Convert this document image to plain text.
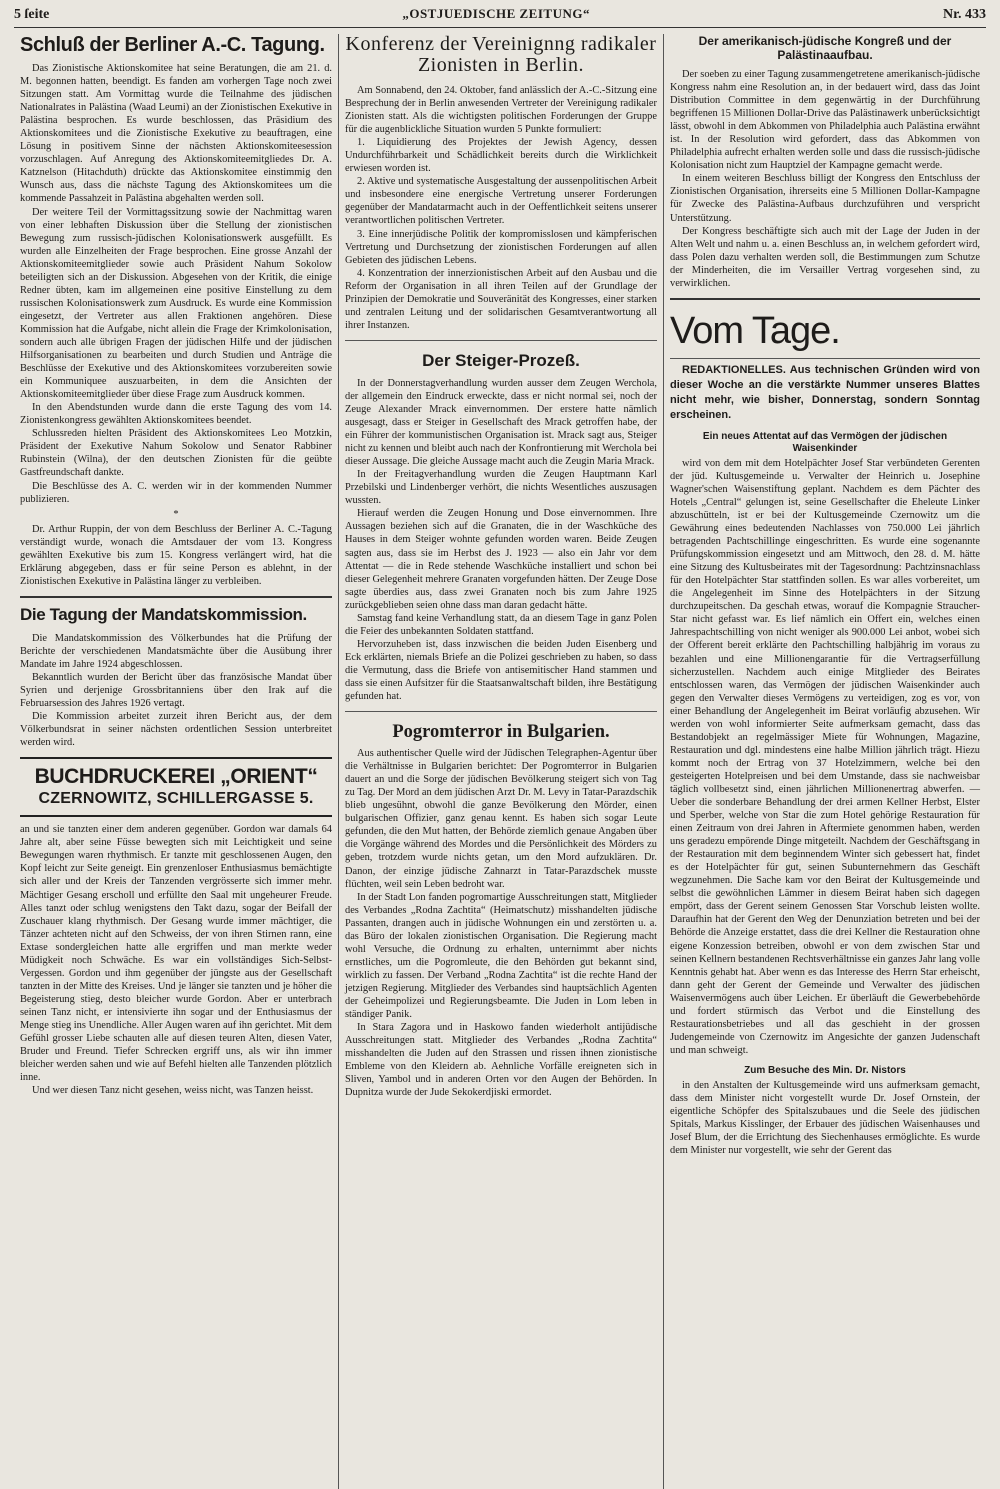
5 ſeite	„OSTJUEDISCHE ZEITUNG“	Nr. 433
Schluß der Berliner A.-C. Tagung.

Das Zionistische Aktionskomitee hat seine Beratungen, die am 21. d. M. begonnen hatten, beendigt. Es fanden am vorhergen Tage noch zwei Sitzungen statt. Am Vormittag wurde die Teilnahme des jüdischen Nationalrates in Palästina (Waad Leumi) an der Zionistischen Exekutive in Palästina besprochen. Es wurde beschlossen, das Präsidium des Aktionskomitees und die Zionistische Exekutive zu beauftragen, eine Lösung in positivem Sinne der nächsten Aktionskomiteesession vorzuschlagen. Auf Anregung des Aktionskomiteemitgliedes Dr. A. Katznelson (Hitachduth) drückte das Aktionskomitee einstimmig den Wunsch aus, dass die nächste Tagung des Aktionskomitees um die kommende Passahzeit in Palästina abgehalten werden soll.

Der weitere Teil der Vormittagssitzung sowie der Nachmittag waren von einer lebhaften Diskussion über die Stellung der zionistischen Bewegung zum russisch-jüdischen Kolonisationswerk ausgefüllt. Es wurden alle Einzelheiten der Frage besprochen. Eine grosse Anzahl der Aktionskomiteemitglieder sowie auch Präsident Nahum Sokolow beteiligten sich an der Diskussion. Abgesehen von der Kritik, die einige Redner übten, kam im allgemeinen eine positive Einstellung zu dem russischen Kolonisationswerk zum Ausdruck. Es wurde eine Kommission eingesetzt, der Vertreter aus allen Fraktionen angehören. Diese Kommission hat die Aufgabe, nicht allein die Frage der Krimkolonisation, sondern auch alle übrigen Fragen der jüdischen Hilfe und der jüdischen Hilfsorganisationen zu bearbeiten und durch Studien und Anträge die Beschlüsse der Exekutive und des Aktionskomitees vorzubereiten sowie ein Kommuniquee auszuarbeiten, in dem die Ansichten der Aktionskomiteemitglieder über diese Frage zum Ausdruck kommen.

In den Abendstunden wurde dann die erste Tagung des vom 14. Zionistenkongress gewählten Aktionskomitees beendet.

Schlussreden hielten Präsident des Aktionskomitees Leo Motzkin, Präsident der Exekutive Nahum Sokolow und Senator Rabbiner Rubinstein (Wilna), der den deutschen Zionisten für die geübte Gastfreundschaft dankte.

Die Beschlüsse des A. C. werden wir in der kommenden Nummer publizieren.

*

Dr. Arthur Ruppin, der von dem Beschluss der Berliner A. C.-Tagung verständigt wurde, wonach die Amtsdauer der vom 13. Kongress gewählten Exekutive bis zum 15. Kongress verlängert wird, hat die Erklärung abgegeben, dass er für seine Person es ablehnt, in der Zionistischen Exekutive in Palästina länger zu verbleiben.

Die Tagung der Mandatskommission.

Die Mandatskommission des Völkerbundes hat die Prüfung der Berichte der verschiedenen Mandatsmächte über die Ausübung ihrer Mandate im Jahre 1924 abgeschlossen.

Bekanntlich wurden der Bericht über das französische Mandat über Syrien und derjenige Grossbritanniens über den Irak auf die Februarsession des Jahres 1926 vertagt.

Die Kommission arbeitet zurzeit ihren Bericht aus, der dem Völkerbundsrat in seiner nächsten ordentlichen Session unterbreitet werden wird.

BUCHDRUCKEREI „ORIENT“
CZERNOWITZ, SCHILLERGASSE 5.

an und sie tanzten einer dem anderen gegenüber. Gordon war damals 64 Jahre alt, aber seine Füsse bewegten sich mit Leichtigkeit und seine Bewegungen waren rhythmisch. Er tanzte mit geschlossenen Augen, den Kopf leicht zur Seite geneigt. Ein grenzenloser Enthusiasmus bemächtigte sich aller und der Kreis der Tanzenden vergrösserte sich immer mehr. Mächtiger Gesang erscholl und erfüllte den Saal mit ungeheurer Freude. Alles tanzt oder schlug wenigstens den Takt dazu, sogar der Beifall der Zuschauer klang rhythmisch. Der Gesang wurde immer mächtiger, die Tänzer achteten nicht auf den Schweiss, der von ihren Stirnen rann, eine Extase sondergleichen hatte alle ergriffen und man merkte weder Müdigkeit noch Schwäche. Es war ein vollständiges Sich-Selbst-Vergessen. Gordon und ihm gegenüber der jüngste aus der Gesellschaft tanzten in der Mitte des Kreises. Und je länger sie tanzten und je höher die Begeisterung stieg, desto bleicher wurde Gordon. Aber er unterbrach seinen Tanz nicht, er intensivierte ihn sogar und der Enthusiasmus der Menge stieg ins Unendliche. Aller Augen waren auf ihn gerichtet. Mit dem Gefühl grosser Liebe schauten alle auf diesen teuren Alten, diesen Vater, Bruder und Freund. Tiefer Schrecken ergriff uns, als wir ihn immer bleicher werden sahen und wie auf Befehl hielten alle Tanzenden plötzlich inne.

Und wer diesen Tanz nicht gesehen, weiss nicht, was Tanzen heisst.

Konferenz der Vereinignng radikaler Zionisten in Berlin.

Am Sonnabend, den 24. Oktober, fand anlässlich der A.-C.-Sitzung eine Besprechung der in Berlin anwesenden Vertreter der Vereinigung radikaler Zionisten statt. Als die wichtigsten politischen Forderungen der Gruppe für die augenblickliche Situation wurden 5 Punkte formuliert:

1. Liquidierung des Projektes der Jewish Agency, dessen Undurchführbarkeit und Schädlichkeit bereits durch die Wirklichkeit erwiesen worden ist.

2. Aktive und systematische Ausgestaltung der aussenpolitischen Arbeit und insbesondere eine energische Vertretung unserer Forderungen gegenüber der Mandatarmacht auch in der Oeffentlichkeit seitens unserer verantwortlichen politischen Vertreter.

3. Eine innerjüdische Politik der kompromisslosen und kämpferischen Vertretung und Durchsetzung der zionistischen Forderungen auf allen Gebieten des jüdischen Lebens.

4. Konzentration der innerzionistischen Arbeit auf den Ausbau und die Reform der Organisation in all ihren Teilen auf der Grundlage der Prinzipien der Demokratie und Souveränität des Kongresses, einer starken und zentralen Leitung und der solidarischen Gesamtverantwortung all ihrer Instanzen.

Der Steiger-Prozeß.

In der Donnerstagverhandlung wurden ausser dem Zeugen Werchola, der allgemein den Eindruck erweckte, dass er nicht normal sei, noch der Zeuge Alexander Mrack einvernommen. Der erstere hatte nämlich ausgesagt, dass er Steiger in Gesellschaft des Mrack getroffen habe, der ein Führer der kommunistischen Organisation ist. Mrack sagt aus, Steiger nicht zu kennen und bleibt auch nach der Konfrontierung mit Werchola bei dieser Aussage. Die gleiche Aussage macht auch die Zeugin Maria Mrack.

In der Freitagverhandlung wurden die Zeugen Hauptmann Karl Przebilski und Lindenberger verhört, die nichts Wesentliches auszusagen wussten.

Hierauf werden die Zeugen Honung und Dose einvernommen. Ihre Aussagen beziehen sich auf die Granaten, die in der Waschküche des Hauses in dem Steiger wohnte gefunden worden waren. Beide Zeugen sagten aus, dass sie im Herbst des J. 1923 — also ein Jahr vor dem Attentat — die in Rede stehende Waschküche installiert und schon bei dieser Gelegenheit mehrere Granaten vorgefunden hätten. Der Zeuge Dose sagte überdies aus, dass zwei Granaten noch bis zum Jahre 1925 zurückgeblieben seien ohne dass man daran gedacht hätte.

Samstag fand keine Verhandlung statt, da an diesem Tage in ganz Polen die Feier des unbekannten Soldaten stattfand.

Hervorzuheben ist, dass inzwischen die beiden Juden Eisenberg und Eck erklärten, niemals Briefe an die Polizei geschrieben zu haben, so dass die Vermutung, dass die Briefe von antisemitischer Hand stammen und dass sie einen Aufsitzer für die Staatsanwaltschaft bilden, ihre Bestätigung gefunden hat.

Pogromterror in Bulgarien.

Aus authentischer Quelle wird der Jüdischen Telegraphen-Agentur über die Verhältnisse in Bulgarien berichtet: Der Pogromterror in Bulgarien dauert an und die Sorge der jüdischen Bevölkerung steigert sich von Tag zu Tag. Der Mord an dem jüdischen Arzt Dr. M. Levy in Tatar-Parazdschik blieb ungesühnt, obwohl die ganze Bevölkerung den Mörder, einen bulgarischen Offizier, ganz genau kennt. Es haben sich sogar Leute gefunden, die den Mut hatten, der Behörde ziemlich genaue Angaben über die Vorgänge während des Mordes und die Persönlichkeit des Mörders zu geben, trotzdem wurde nichts getan, um den Mord aufzuklären. Dr. Danon, der einzige jüdische Zahnarzt in Tatar-Parazdschek musste flüchten, weil sein Leben bedroht war.

In der Stadt Lon fanden pogromartige Ausschreitungen statt, Mitglieder des Verbandes „Rodna Zachtita“ (Heimatschutz) misshandelten jüdische Passanten, drangen auch in jüdische Wohnungen ein und zerstörten u. a. das Büro der lokalen zionistischen Organisation. Die Regierung macht wohl Versuche, die Ordnung zu erhalten, unternimmt aber nichts ernstliches, um die Pogromleute, die den Behörden gut bekannt sind, wirklich zu fassen. Der Verband „Rodna Zachtita“ ist die rechte Hand der jetzigen Regierung. Mitglieder des Verbandes sind hauptsächlich Agenten der Geheimpolizei und Regierungsbeamte. Die Juden in Lom leben in ständiger Panik.

In Stara Zagora und in Haskowo fanden wiederholt antijüdische Ausschreitungen statt. Mitglieder des Verbandes „Rodna Zachtita“ misshandelten die Juden auf den Strassen und rissen ihnen zionistische Embleme von den Kleidern ab. Aehnliche Vorfälle ereigneten sich in Sliven, Yambol und in anderen Orten vor den Augen der Behörden. In Dupnitza wurde der Jude Sekokerdjiski ermordet.

Der amerikanisch-jüdische Kongreß und der Palästinaaufbau.

Der soeben zu einer Tagung zusammengetretene amerikanisch-jüdische Kongress nahm eine Resolution an, in der bedauert wird, dass das Joint Distribution Committee in dem gegenwärtig in der Durchführung begriffenen 15 Millionen Dollar-Drive das Palästinawerk unberücksichtigt lässt, obwohl in dem Abkommen von Philadelphia auch Palästina erwähnt ist. In der Resolution wird gefordert, dass das Abkommen von Philadelphia aufrecht erhalten werden solle und dass die russisch-jüdische Kolonisation nicht zum Hauptziel der Kampagne gemacht werde.

In einem weiteren Beschluss billigt der Kongress den Entschluss der Zionistischen Organisation, ihrerseits eine 5 Millionen Dollar-Kampagne für Zwecke des Palästina-Aufbaus durchzuführen und verspricht Unterstützung.

Der Kongress beschäftigte sich auch mit der Lage der Juden in der Alten Welt und nahm u. a. einen Beschluss an, in welchem gefordert wird, dass Polen dazu verhalten werden soll, die Bestimmungen zum Schutze der Minderheiten, die im Versailler Vertrag vorgesehen sind, zu verwirklichen.

Vom Tage.

REDAKTIONELLES. Aus technischen Gründen wird von dieser Woche an die verstärkte Nummer unseres Blattes nicht mehr, wie bisher, Donnerstag, sondern Sonntag erscheinen.

Ein neues Attentat auf das Vermögen der jüdischen Waisenkinder

wird von dem mit dem Hotelpächter Josef Star verbündeten Gerenten der jüd. Kultusgemeinde u. Verwalter der Heinrich u. Josephine Wagner'schen Waisenstiftung geplant. Nachdem es dem Pächter des Hotels „Central“ gelungen ist, seine Gesellschafter die Eheleute Linker abzuschütteln, ist er bei der Kultusgemeinde Czernowitz um die Gewährung eines bedeutenden Nachlasses von 750.000 Lei jährlich betragenden Pachtschillinge eingeschritten. Es wurde eine sogenannte Prüfungskommission eingesetzt und am Mittwoch, den 28. d. M. hätte eine Sitzung des Kultusbeirates mit der Tagesordnung: Pachtzinsnachlass für den Hotelpächter Star stattfinden sollen. Es war alles vorbereitet, um die Angelegenheit im Sinne des Hotelpächters in der Sitzung durchzupeitschen. Da geschah etwas, worauf die Kompagnie Straucher-Star nicht gefasst war. Es lief nämlich ein Offert ein, welches einen Jahrespachtschilling von nicht weniger als 900.000 Lei anbot, wobei sich der Offerent bereit erklärte den Pachtschilling halbjährig im voraus zu bezahlen und eine Millionengarantie für die Vertragserfüllung sicherzustellen. Nachdem auch einige Mitglieder des Beirates entschlossen waren, das Vermögen der jüdischen Waisenkinder auch gegen den Verwalter dieses Vermögens zu verteidigen, zog es vor, von einer Behandlung der Angelegenheit im Beirat vorläufig abzusehen. Wir werden von wohl informierter Seite aufmerksam gemacht, dass das Bestandobjekt an regelmässiger Miete für Wohnungen, Magazine, Restauration und dgl. mindestens eine halbe Million jährlich trägt. Hiezu kommt noch der Ertrag von 37 Hotelzimmern, welche bei den gesteigerten Hotelpreisen und bei dem Umstande, dass sie nachweisbar täglich vollbesetzt sind, einen jährlichen Millionenertrag abwerfen. — Ueber die sonderbare Behandlung der drei armen Kellner Herbst, Elster und Sperber, welche von Star die zum Hotel gehörige Restauration für einen Zeitraum von drei Jahren in Aftermiete genommen haben, werden uns geradezu empörende Dinge mitgeteilt. Nachdem der Geschäftsgang in der Restauration mit dem beginnendem Winter sich gebessert hat, findet es der Hotelpächter für gut, seinen Subunternehmern das Geschäft wegzunehmen. Die Sache kam vor den Beirat der Kultusgemeinde und selbst die gewöhnlichen Lämmer in diesem Beirat haben sich dagegen empört, dass der Gerent seinem Genossen Star Vorschub leisten wollte. Daraufhin hat der Gerent den Weg der Denunziation betreten und bei der Behörde die Anzeige erstattet, dass die drei Kellner die Restauration ohne eigene Konzession betreiben, obwohl er von dem zwischen Star und seinen Kellnern bestandenen Rechtsverhältnisse ein ganzes Jahr lang volle Kenntnis gehabt hat. Aber wenn es das Interesse des Herrn Star erheischt, dann geht der Gerent der Gemeinde und Verwalter des jüdischen Waisenvermögens auch über Leichen. Er überläuft die Gewerbebehörde und fordert stürmisch das Verbot und die Einstellung des Restaurationsbetriebes und all das geschieht in der grossen Judengemeinde von Czernowitz im Angesichte der ganzen Judenschaft und man schweigt.

Zum Besuche des Min. Dr. Nistors

in den Anstalten der Kultusgemeinde wird uns aufmerksam gemacht, dass dem Minister nicht vorgestellt wurde Dr. Josef Ornstein, der eigentliche Schöpfer des Spitalszubaues und die Seele des jüdischen Spitals, Markus Kisslinger, der Erbauer des jüdischen Waisenhauses und Josef Blum, der die Errichtung des Siechenhauses ermöglichte. Es wurde dem Minister nur vorgestellt, wie sehr der Gerent das
